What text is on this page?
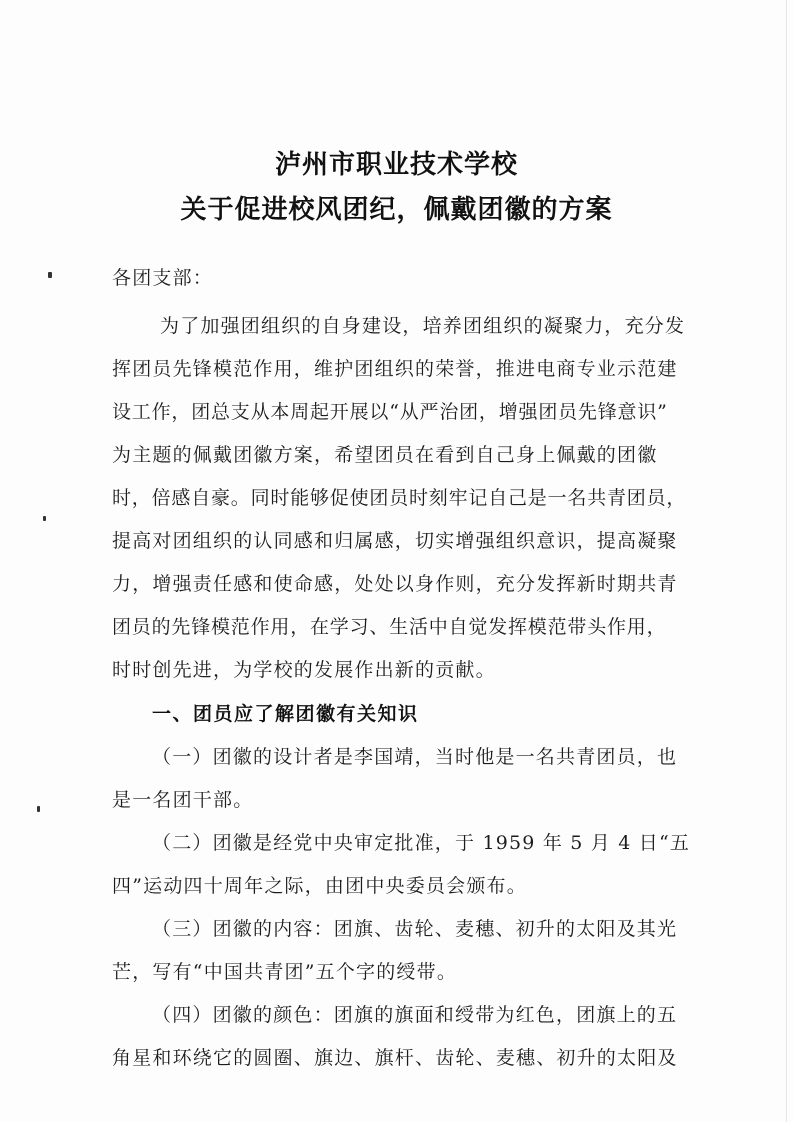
泸州市职业技术学校
关于促进校风团纪，佩戴团徽的方案
各团支部：
为了加强团组织的自身建设，培养团组织的凝聚力，充分发
挥团员先锋模范作用，维护团组织的荣誉，推进电商专业示范建
设工作，团总支从本周起开展以“从严治团，增强团员先锋意识”
为主题的佩戴团徽方案，希望团员在看到自己身上佩戴的团徽
时，倍感自豪。同时能够促使团员时刻牢记自己是一名共青团员，
提高对团组织的认同感和归属感，切实增强组织意识，提高凝聚
力，增强责任感和使命感，处处以身作则，充分发挥新时期共青
团员的先锋模范作用，在学习、生活中自觉发挥模范带头作用，
时时创先进，为学校的发展作出新的贡献。
一、团员应了解团徽有关知识
（一）团徽的设计者是李国靖，当时他是一名共青团员，也
是一名团干部。
（二）团徽是经党中央审定批准，于 1959 年 5 月 4 日“五
四”运动四十周年之际，由团中央委员会颁布。
（三）团徽的内容：团旗、齿轮、麦穗、初升的太阳及其光
芒，写有“中国共青团”五个字的绶带。
（四）团徽的颜色：团旗的旗面和绶带为红色，团旗上的五
角星和环绕它的圆圈、旗边、旗杆、齿轮、麦穗、初升的太阳及
